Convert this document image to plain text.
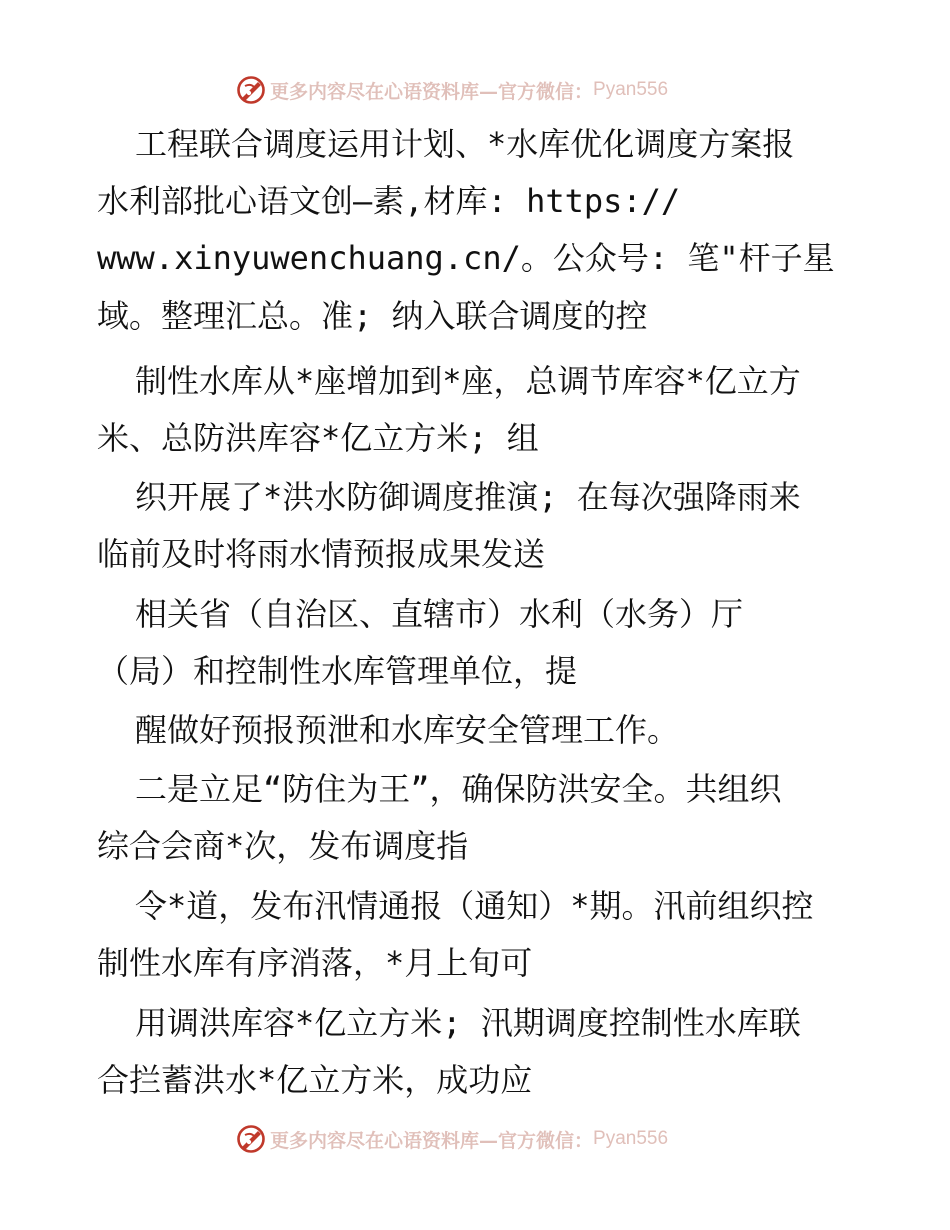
更多内容尽在心语资料库—官方微信： Pyan556
工程联合调度运用计划、*水库优化调度方案报
水利部批心语文创—素,材库: https://
www.xinyuwenchuang.cn/。公众号: 笔"杆子星
域。整理汇总。准; 纳入联合调度的控
制性水库从*座增加到*座，总调节库容*亿立方
米、总防洪库容*亿立方米; 组
织开展了*洪水防御调度推演; 在每次强降雨来
临前及时将雨水情预报成果发送
相关省（自治区、直辖市）水利（水务）厅
（局）和控制性水库管理单位，提
醒做好预报预泄和水库安全管理工作。
二是立足“防住为王”，确保防洪安全。共组织
综合会商*次，发布调度指
令*道，发布汛情通报（通知）*期。汛前组织控
制性水库有序消落，*月上旬可
用调洪库容*亿立方米; 汛期调度控制性水库联
合拦蓄洪水*亿立方米，成功应
更多内容尽在心语资料库—官方微信： Pyan556
